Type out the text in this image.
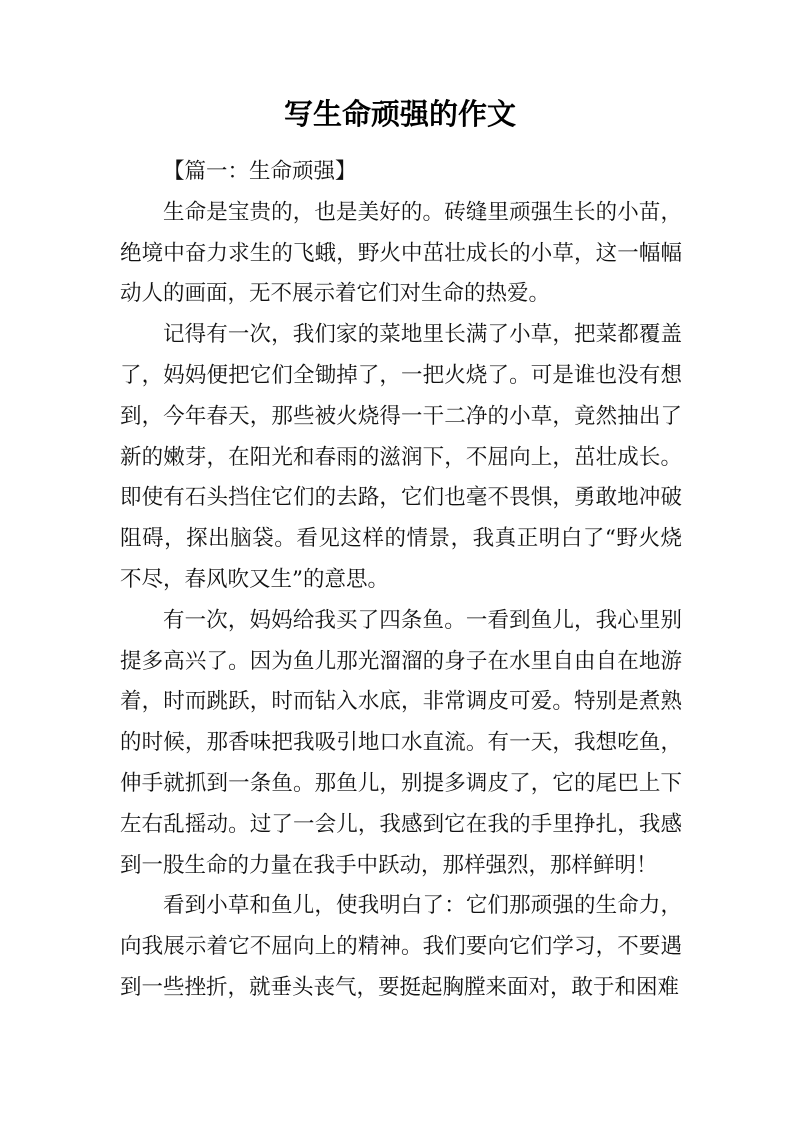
写生命顽强的作文

【篇一：生命顽强】

生命是宝贵的，也是美好的。砖缝里顽强生长的小苗，绝境中奋力求生的飞蛾，野火中茁壮成长的小草，这一幅幅动人的画面，无不展示着它们对生命的热爱。

记得有一次，我们家的菜地里长满了小草，把菜都覆盖了，妈妈便把它们全锄掉了，一把火烧了。可是谁也没有想到，今年春天，那些被火烧得一干二净的小草，竟然抽出了新的嫩芽，在阳光和春雨的滋润下，不屈向上，茁壮成长。即使有石头挡住它们的去路，它们也毫不畏惧，勇敢地冲破阻碍，探出脑袋。看见这样的情景，我真正明白了“野火烧不尽，春风吹又生”的意思。

有一次，妈妈给我买了四条鱼。一看到鱼儿，我心里别提多高兴了。因为鱼儿那光溜溜的身子在水里自由自在地游着，时而跳跃，时而钻入水底，非常调皮可爱。特别是煮熟的时候，那香味把我吸引地口水直流。有一天，我想吃鱼，伸手就抓到一条鱼。那鱼儿，别提多调皮了，它的尾巴上下左右乱摇动。过了一会儿，我感到它在我的手里挣扎，我感到一股生命的力量在我手中跃动，那样强烈，那样鲜明！

看到小草和鱼儿，使我明白了：它们那顽强的生命力，向我展示着它不屈向上的精神。我们要向它们学习，不要遇到一些挫折，就垂头丧气，要挺起胸膛来面对，敢于和困难
